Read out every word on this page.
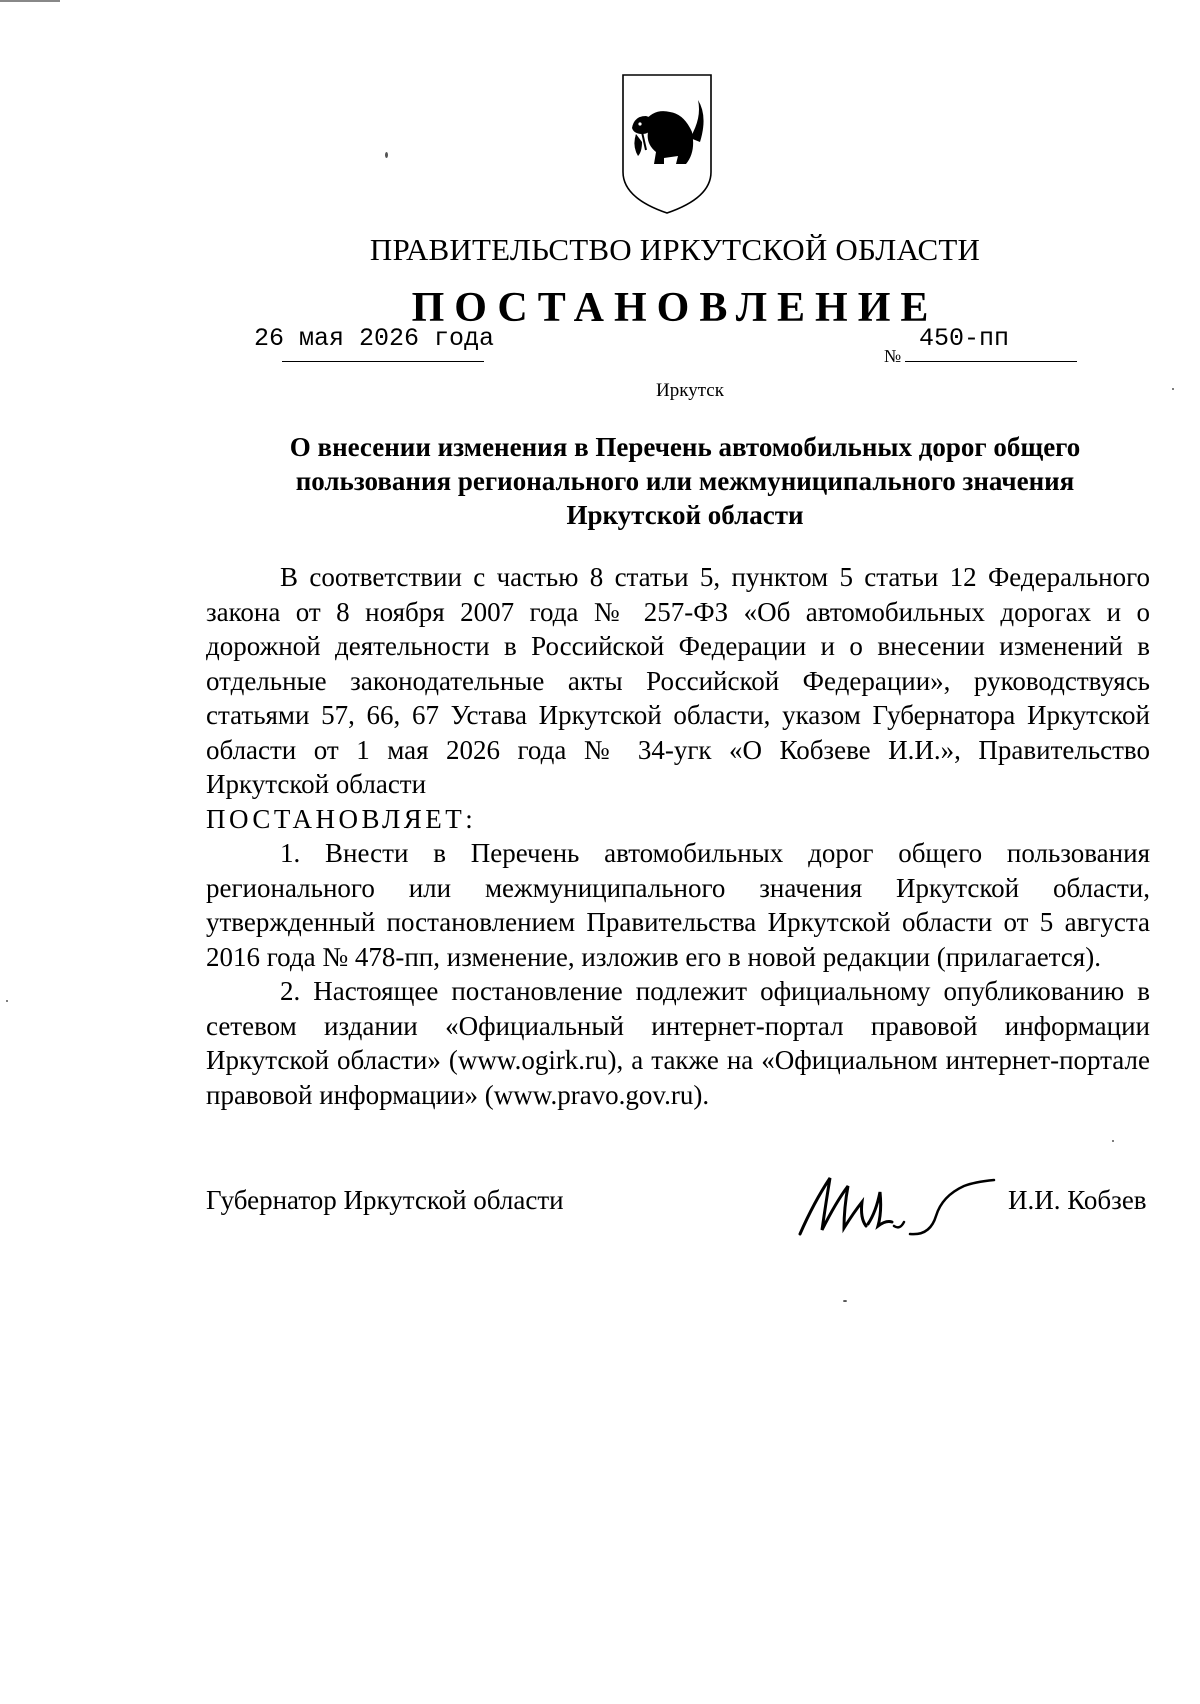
ПРАВИТЕЛЬСТВО ИРКУТСКОЙ ОБЛАСТИ
ПОСТАНОВЛЕНИЕ
26 мая 2026 года
№
450-пп
Иркутск
О внесении изменения в Перечень автомобильных дорог общего пользования регионального или межмуниципального значения Иркутской области

В соответствии с частью 8 статьи 5, пунктом 5 статьи 12 Федерального закона от 8 ноября 2007 года № 257-ФЗ «Об автомобильных дорогах и о дорожной деятельности в Российской Федерации и о внесении изменений в отдельные законодательные акты Российской Федерации», руководствуясь статьями 57, 66, 67 Устава Иркутской области, указом Губернатора Иркутской области от 1 мая 2026 года № 34-угк «О Кобзеве И.И.», Правительство Иркутской области

ПОСТАНОВЛЯЕТ:

1. Внести в Перечень автомобильных дорог общего пользования регионального или межмуниципального значения Иркутской области, утвержденный постановлением Правительства Иркутской области от 5 августа 2016 года № 478-пп, изменение, изложив его в новой редакции (прилагается).

2. Настоящее постановление подлежит официальному опубликованию в сетевом издании «Официальный интернет-портал правовой информации Иркутской области» (www.ogirk.ru), а также на «Официальном интернет-портале правовой информации» (www.pravo.gov.ru).

Губернатор Иркутской области	И.И. Кобзев
